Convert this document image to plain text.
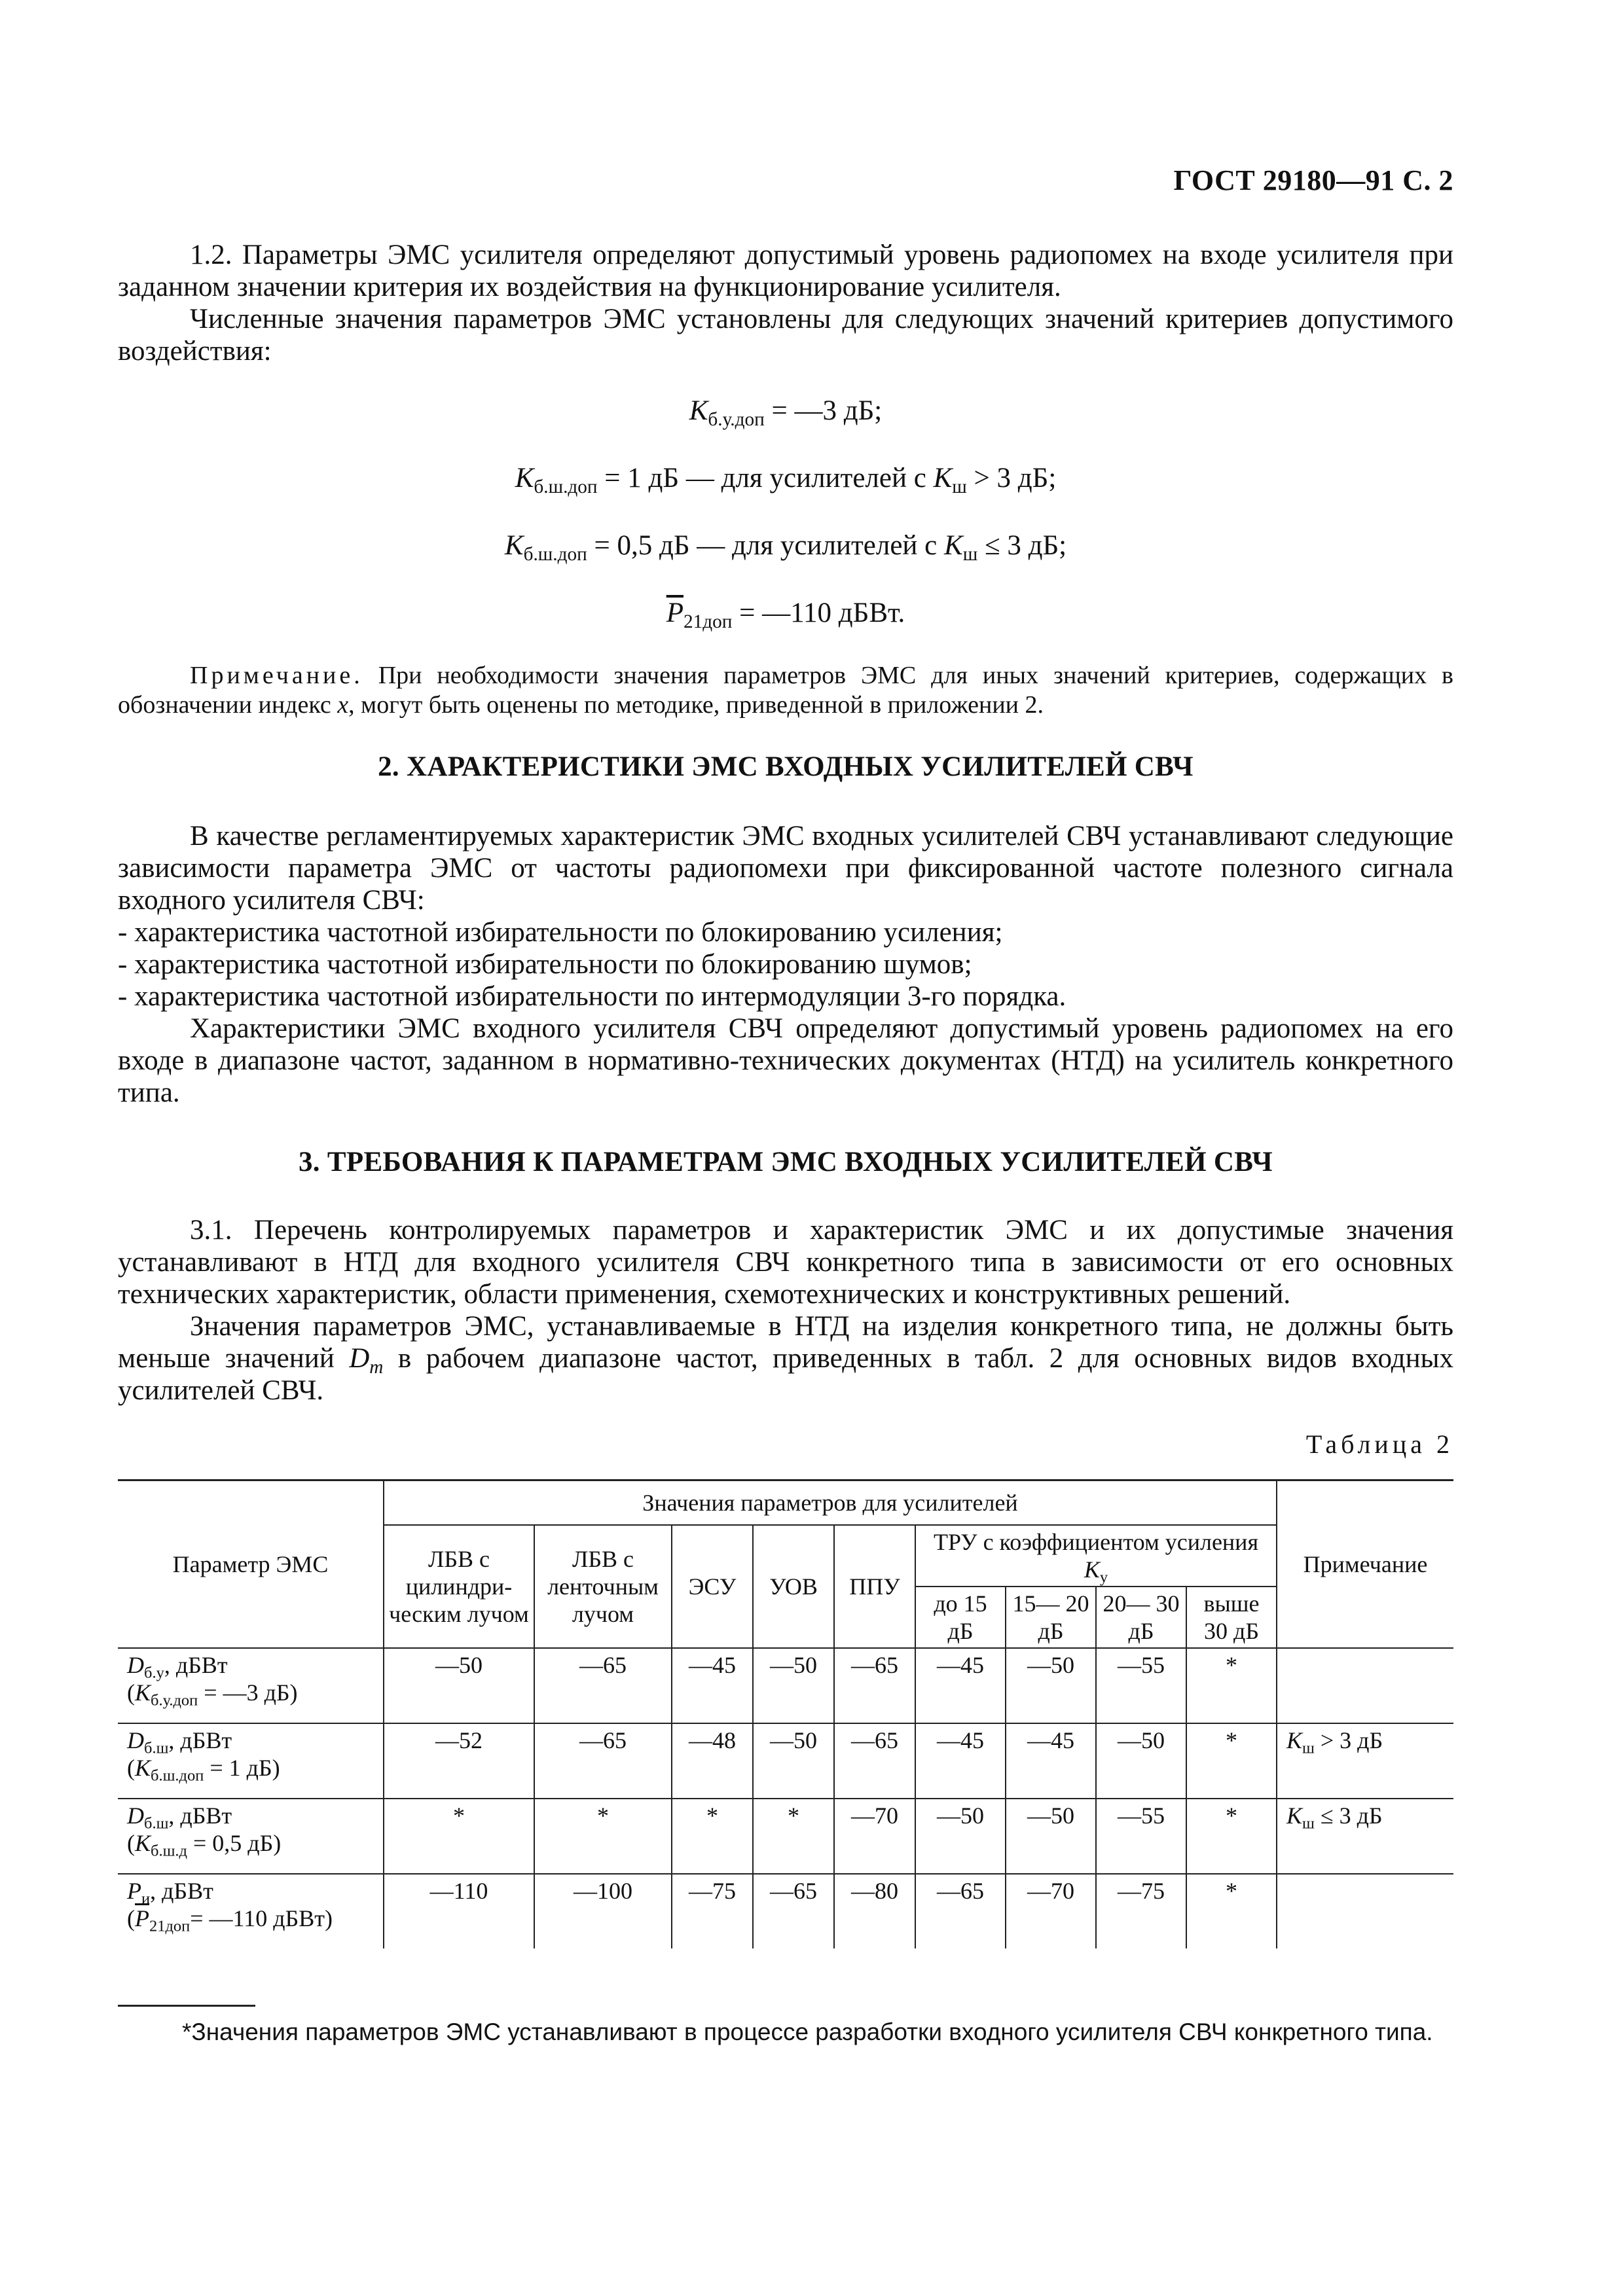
ГОСТ 29180—91 С. 2

1.2. Параметры ЭМС усилителя определяют допустимый уровень радиопомех на входе усилителя при заданном значении критерия их воздействия на функционирование усилителя.

Численные значения параметров ЭМС установлены для следующих значений критериев допустимого воздействия:

$K_{б.у.доп}$ = —3 дБ;
$K_{б.ш.доп} = 1$ дБ — для усилителей с $K_ш > 3$ дБ;
$K_{б.ш.доп} = 0,5$ дБ — для усилителей с $K_ш \le 3$ дБ;
$\overline{P}_{21доп}$ = —110 дБВт.

Примечание. При необходимости значения параметров ЭМС для иных значений критериев, содержащих в обозначении индекс x, могут быть оценены по методике, приведенной в приложении 2.

2. ХАРАКТЕРИСТИКИ ЭМС ВХОДНЫХ УСИЛИТЕЛЕЙ СВЧ

В качестве регламентируемых характеристик ЭМС входных усилителей СВЧ устанавливают следующие зависимости параметра ЭМС от частоты радиопомехи при фиксированной частоте полезного сигнала входного усилителя СВЧ:

- характеристика частотной избирательности по блокированию усиления;

- характеристика частотной избирательности по блокированию шумов;

- характеристика частотной избирательности по интермодуляции 3-го порядка.

Характеристики ЭМС входного усилителя СВЧ определяют допустимый уровень радиопомех на его входе в диапазоне частот, заданном в нормативно-технических документах (НТД) на усилитель конкретного типа.

3. ТРЕБОВАНИЯ К ПАРАМЕТРАМ ЭМС ВХОДНЫХ УСИЛИТЕЛЕЙ СВЧ

3.1. Перечень контролируемых параметров и характеристик ЭМС и их допустимые значения устанавливают в НТД для входного усилителя СВЧ конкретного типа в зависимости от его основных технических характеристик, области применения, схемотехнических и конструктивных решений.

Значения параметров ЭМС, устанавливаемые в НТД на изделия конкретного типа, не должны быть меньше значений $D_m$ в рабочем диапазоне частот, приведенных в табл. 2 для основных видов входных усилителей СВЧ.

Таблица 2
Параметр ЭМС	Значения параметров для усилителей									Примечание
	ЛБВ с цилиндри-ческим лучом	ЛБВ с ленточным лучом	ЭСУ	УОВ	ППУ	ТРУ с коэффициентом усиления $K_у$
						до 15 дБ	15— 20 дБ	20— 30 дБ	выше 30 дБ	

$D_{б.у}$, дБВт
($K_{б.у.доп}$ = —3 дБ)	—50	—65	—45	—50	—65	—45	—50	—55	*	

$D_{б.ш}$, дБВт
($K_{б.ш.доп} = 1$ дБ)	—52	—65	—48	—50	—65	—45	—45	—50	*	$K_ш > 3$ дБ

$D_{б.ш}$, дБВт
($K_{б.ш.д} = 0,5$ дБ)	*	*	*	*	—70	—50	—50	—55	*	$K_ш \le 3$ дБ

$P_и$, дБВт
($\overline{P}_{21доп}=$ —110 дБВт)	—110	—100	—75	—65	—80	—65	—70	—75	*	
*Значения параметров ЭМС устанавливают в процессе разработки входного усилителя СВЧ конкретного типа.
